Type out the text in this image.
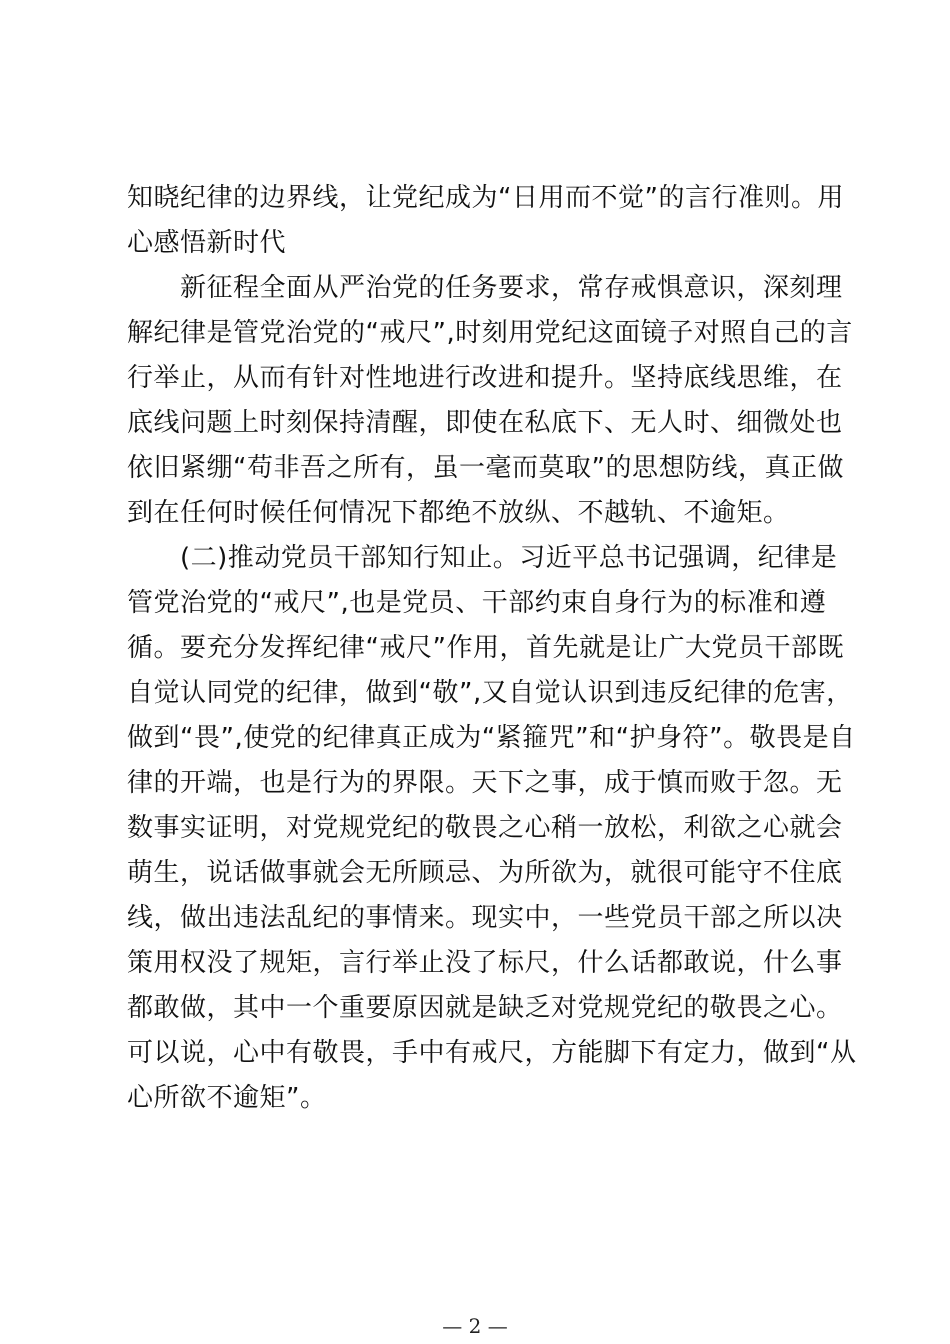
知晓纪律的边界线，让党纪成为“日用而不觉”的言行准则。用
心感悟新时代
　　新征程全面从严治党的任务要求，常存戒惧意识，深刻理
解纪律是管党治党的“戒尺”,时刻用党纪这面镜子对照自己的言
行举止，从而有针对性地进行改进和提升。坚持底线思维，在
底线问题上时刻保持清醒，即使在私底下、无人时、细微处也
依旧紧绷“苟非吾之所有，虽一毫而莫取”的思想防线，真正做
到在任何时候任何情况下都绝不放纵、不越轨、不逾矩。
　　(二)推动党员干部知行知止。习近平总书记强调，纪律是
管党治党的“戒尺”,也是党员、干部约束自身行为的标准和遵
循。要充分发挥纪律“戒尺”作用，首先就是让广大党员干部既
自觉认同党的纪律，做到“敬”,又自觉认识到违反纪律的危害，
做到“畏”,使党的纪律真正成为“紧箍咒”和“护身符”。敬畏是自
律的开端，也是行为的界限。天下之事，成于慎而败于忽。无
数事实证明，对党规党纪的敬畏之心稍一放松，利欲之心就会
萌生，说话做事就会无所顾忌、为所欲为，就很可能守不住底
线，做出违法乱纪的事情来。现实中，一些党员干部之所以决
策用权没了规矩，言行举止没了标尺，什么话都敢说，什么事
都敢做，其中一个重要原因就是缺乏对党规党纪的敬畏之心。
可以说，心中有敬畏，手中有戒尺，方能脚下有定力，做到“从
心所欲不逾矩”。
— 2 —
